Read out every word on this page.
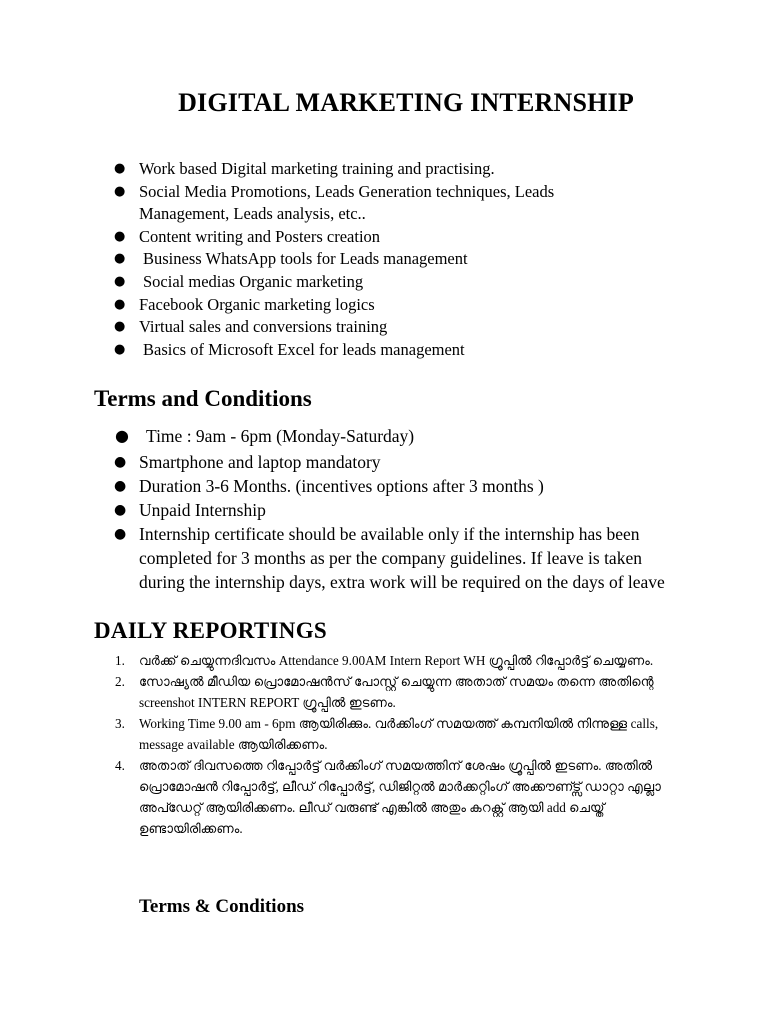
DIGITAL MARKETING INTERNSHIP
● Work based Digital marketing training and practising.
● Social Media Promotions, Leads Generation techniques, Leads Management, Leads analysis, etc..
● Content writing and Posters creation
● Business WhatsApp tools for Leads management
● Social medias Organic marketing
● Facebook Organic marketing logics
● Virtual sales and conversions training
● Basics of Microsoft Excel for leads management
Terms and Conditions
● Time : 9am - 6pm (Monday-Saturday)
● Smartphone and laptop mandatory
● Duration 3-6 Months. (incentives options after 3 months )
● Unpaid Internship
● Internship certificate should be available only if the internship has been completed for 3 months as per the company guidelines. If leave is taken during the internship days, extra work will be required on the days of leave
DAILY REPORTINGS
1. വർക്ക് ചെയ്യുന്നദിവസം Attendance 9.00AM Intern Report WH ഗ്രൂപ്പിൽ റിപ്പോർട്ട് ചെയ്യണം.
2. സോഷ്യൽ മീഡിയ പ്രൊമോഷൻസ് പോസ്റ്റ് ചെയ്യുന്ന അതാത് സമയം തന്നെ അതിന്റെ screenshot INTERN REPORT ഗ്രൂപ്പിൽ ഇടണം.
3. Working Time 9.00 am - 6pm ആയിരിക്കും. വർക്കിംഗ് സമയത്ത് കമ്പനിയിൽ നിന്നുള്ള calls, message available ആയിരിക്കണം.
4. അതാത് ദിവസത്തെ റിപ്പോർട്ട് വർക്കിംഗ് സമയത്തിന് ശേഷം ഗ്രൂപ്പിൽ ഇടണം. അതിൽ പ്രൊമോഷൻ റിപ്പോർട്ട്, ലീഡ് റിപ്പോർട്ട്, ഡിജിറ്റൽ മാർക്കറ്റിംഗ് അക്കൗണ്ട്സ് ഡാറ്റാ എല്ലാ അപ്ഡേറ്റ് ആയിരിക്കണം. ലീഡ് വരുണ്ട് എങ്കിൽ അതും കറക്റ്റ് ആയി add ചെയ്ത് ഉണ്ടായിരിക്കണം.
Terms & Conditions
